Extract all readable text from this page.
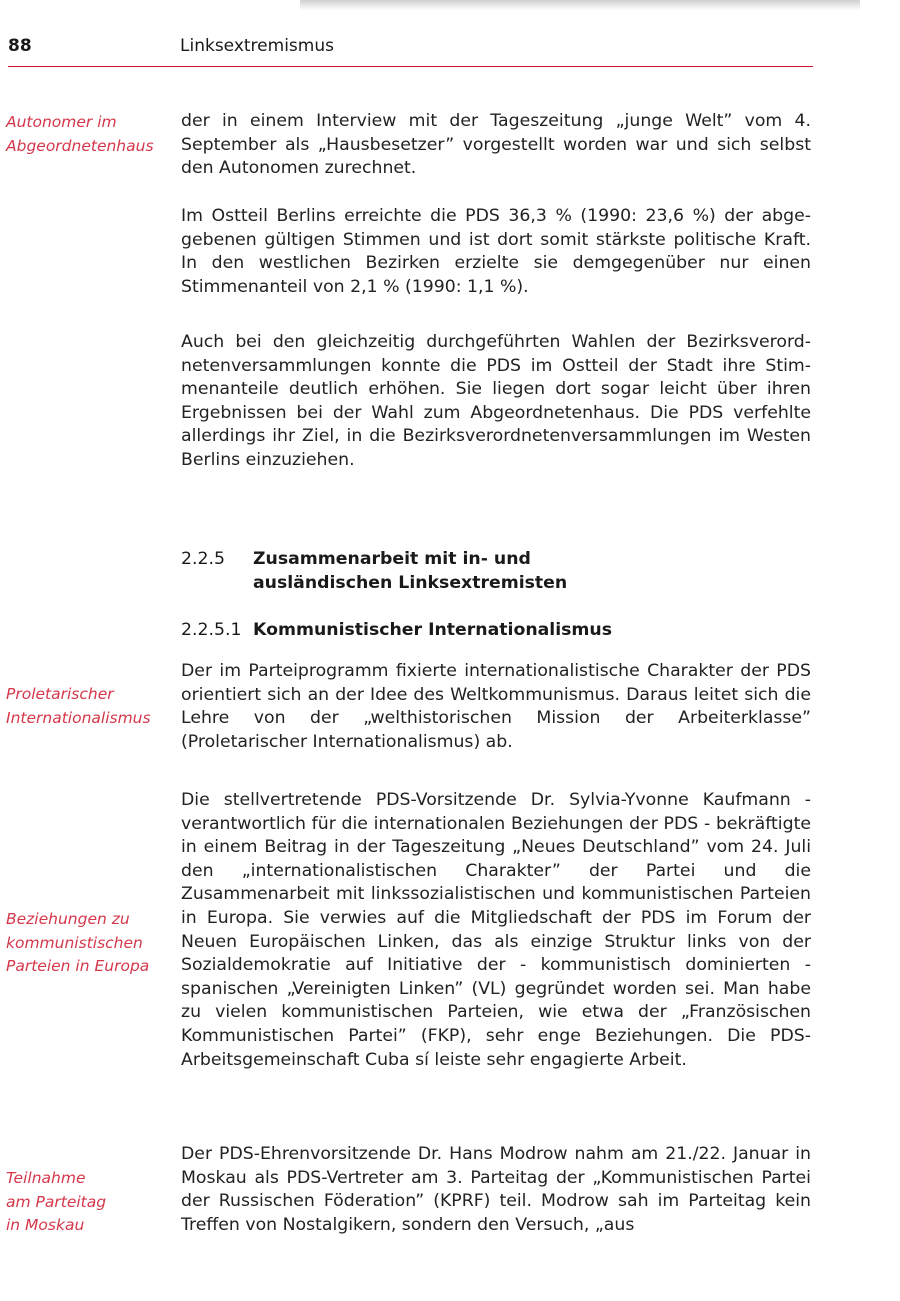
88	Linksextremismus
Autonomer im
Abgeordnetenhaus
Proletarischer
Internationalismus
Beziehungen zu
kommunistischen
Parteien in Europa
Teilnahme
am Parteitag
in Moskau

der in einem Interview mit der Tageszeitung „junge Welt” vom 4. September als „Hausbesetzer” vorgestellt worden war und sich selbst den Autonomen zurechnet.

Im Ostteil Berlins erreichte die PDS 36,3 % (1990: 23,6 %) der abgegebenen gültigen Stimmen und ist dort somit stärkste politische Kraft. In den westlichen Bezirken erzielte sie demgegenüber nur einen Stimmenanteil von 2,1 % (1990: 1,1 %).

Auch bei den gleichzeitig durchgeführten Wahlen der Bezirksverordnetenversammlungen konnte die PDS im Ostteil der Stadt ihre Stimmenanteile deutlich erhöhen. Sie liegen dort sogar leicht über ihren Ergebnissen bei der Wahl zum Abgeordnetenhaus. Die PDS verfehlte allerdings ihr Ziel, in die Bezirksverordnetenversammlungen im Westen Berlins einzuziehen.

2.2.5 Zusammenarbeit mit in- und ausländischen Linksextremisten
2.2.5.1 Kommunistischer Internationalismus

Der im Parteiprogramm fixierte internationalistische Charakter der PDS orientiert sich an der Idee des Weltkommunismus. Daraus leitet sich die Lehre von der „welthistorischen Mission der Arbeiterklasse” (Proletarischer Internationalismus) ab.

Die stellvertretende PDS-Vorsitzende Dr. Sylvia-Yvonne Kaufmann - verantwortlich für die internationalen Beziehungen der PDS - bekräftigte in einem Beitrag in der Tageszeitung „Neues Deutschland” vom 24. Juli den „internationalistischen Charakter” der Partei und die Zusammenarbeit mit linkssozialistischen und kommunistischen Parteien in Europa. Sie verwies auf die Mitgliedschaft der PDS im Forum der Neuen Europäischen Linken, das als einzige Struktur links von der Sozialdemokratie auf Initiative der - kommunistisch dominierten - spanischen „Vereinigten Linken” (VL) gegründet worden sei. Man habe zu vielen kommunistischen Parteien, wie etwa der „Französischen Kommunistischen Partei” (FKP), sehr enge Beziehungen. Die PDS-Arbeitsgemeinschaft Cuba sí leiste sehr engagierte Arbeit.

Der PDS-Ehrenvorsitzende Dr. Hans Modrow nahm am 21./22. Januar in Moskau als PDS-Vertreter am 3. Parteitag der „Kommunistischen Partei der Russischen Föderation” (KPRF) teil. Modrow sah im Parteitag kein Treffen von Nostalgikern, sondern den Versuch, „aus
